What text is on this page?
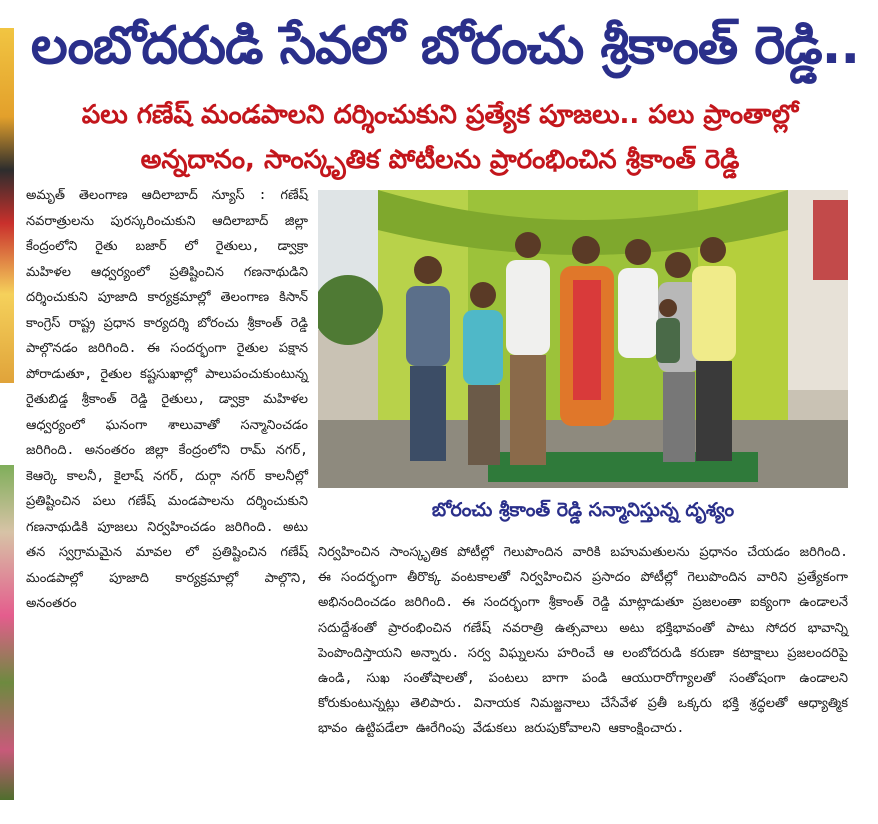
లంబోదరుడి సేవలో బోరంచు శ్రీకాంత్ రెడ్డి..
పలు గణేష్ మండపాలని దర్శించుకుని ప్రత్యేక పూజలు.. పలు ప్రాంతాల్లో
అన్నదానం, సాంస్కృతిక పోటీలను ప్రారంభించిన శ్రీకాంత్ రెడ్డి

అమృత్ తెలంగాణ ఆదిలాబాద్ న్యూస్ : గణేష్ నవరాత్రులను పురస్కరించుకుని ఆదిలాబాద్ జిల్లా కేంద్రంలోని రైతు బజార్ లో రైతులు, డ్వాక్రా మహిళల ఆధ్వర్యంలో ప్రతిష్టించిన గణనాథుడిని దర్శించుకుని పూజాది కార్యక్రమాల్లో తెలంగాణ కిసాన్ కాంగ్రెస్ రాష్ట్ర ప్రధాన కార్యదర్శి బోరంచు శ్రీకాంత్ రెడ్డి పాల్గొనడం జరిగింది. ఈ సందర్భంగా రైతుల పక్షాన పోరాడుతూ, రైతుల కష్టసుఖాల్లో పాలుపంచుకుంటున్న రైతుబిడ్డ శ్రీకాంత్ రెడ్డి రైతులు, డ్వాక్రా మహిళల ఆధ్వర్యంలో ఘనంగా శాలువాతో సన్మానించడం జరిగింది. అనంతరం జిల్లా కేంద్రంలోని రామ్ నగర్, కెఆర్కె కాలనీ, కైలాష్ నగర్, దుర్గా నగర్ కాలనీల్లో ప్రతిష్టించిన పలు గణేష్ మండపాలను దర్శించుకుని గణనాథుడికి పూజలు నిర్వహించడం జరిగింది. అటు తన స్వగ్రామమైన మావల లో ప్రతిష్టించిన గణేష్ మండపాల్లో పూజాది కార్యక్రమాల్లో పాల్గొని, అనంతరం

బోరంచు శ్రీకాంత్ రెడ్డి సన్మానిస్తున్న దృశ్యం

నిర్వహించిన సాంస్కృతిక పోటీల్లో గెలుపొందిన వారికి బహుమతులను ప్రధానం చేయడం జరిగింది. ఈ సందర్భంగా తీరొక్క వంటకాలతో నిర్వహించిన ప్రసాదం పోటీల్లో గెలుపొందిన వారిని ప్రత్యేకంగా అభినందించడం జరిగింది. ఈ సందర్భంగా శ్రీకాంత్ రెడ్డి మాట్లాడుతూ ప్రజలంతా ఐక్యంగా ఉండాలనే సదుద్దేశంతో ప్రారంభించిన గణేష్ నవరాత్రి ఉత్సవాలు అటు భక్తిభావంతో పాటు సోదర భావాన్ని పెంపొందిస్తాయని అన్నారు. సర్వ విఘ్నలను హరించే ఆ లంబోదరుడి కరుణా కటాక్షాలు ప్రజలందరిపై ఉండి, సుఖ సంతోషాలతో, పంటలు బాగా పండి ఆయురారోగ్యాలతో సంతోషంగా ఉండాలని కోరుకుంటున్నట్లు తెలిపారు. వినాయక నిమజ్జనాలు చేసేవేళ ప్రతీ ఒక్కరు భక్తి శ్రద్ధలతో ఆధ్యాత్మిక భావం ఉట్టిపడేలా ఊరేగింపు వేడుకలు జరుపుకోవాలని ఆకాంక్షించారు.
